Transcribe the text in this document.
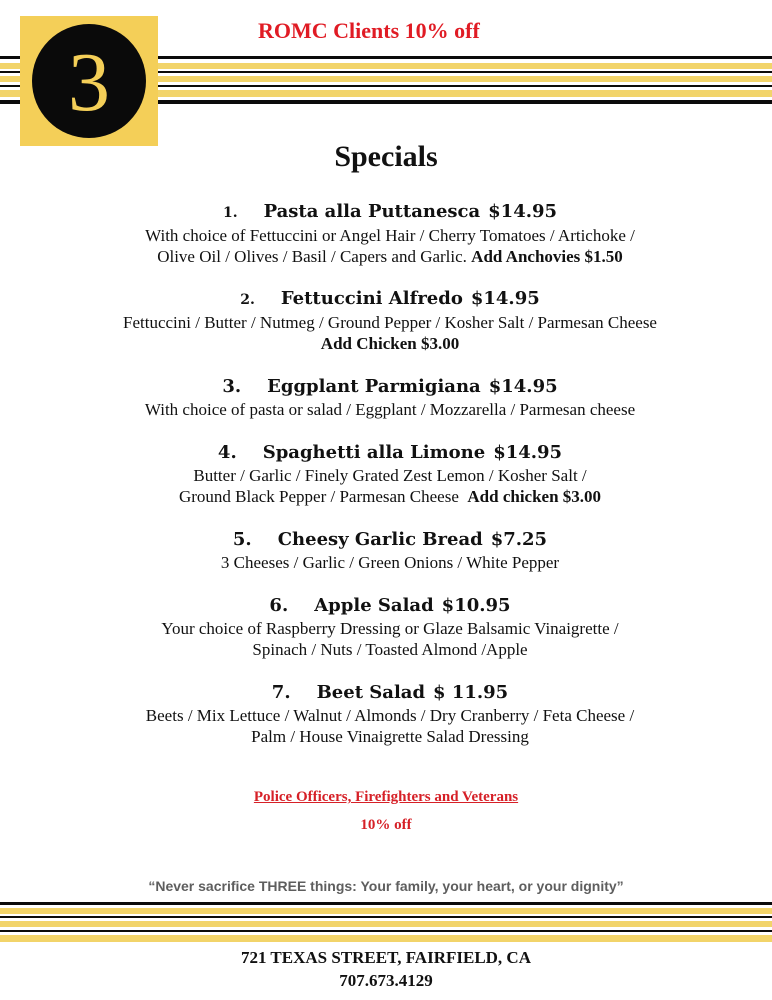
3
ROMC Clients 10% off
Specials
1. Pasta alla Puttanesca $14.95
With choice of Fettuccini or Angel Hair / Cherry Tomatoes / Artichoke /
Olive Oil / Olives / Basil / Capers and Garlic. Add Anchovies $1.50
2. Fettuccini Alfredo $14.95
Fettuccini / Butter / Nutmeg / Ground Pepper / Kosher Salt / Parmesan Cheese
Add Chicken $3.00
3. Eggplant Parmigiana $14.95
With choice of pasta or salad / Eggplant / Mozzarella / Parmesan cheese
4. Spaghetti alla Limone $14.95
Butter / Garlic / Finely Grated Zest Lemon / Kosher Salt /
Ground Black Pepper / Parmesan Cheese Add chicken $3.00
5. Cheesy Garlic Bread $7.25
3 Cheeses / Garlic / Green Onions / White Pepper
6. Apple Salad $10.95
Your choice of Raspberry Dressing or Glaze Balsamic Vinaigrette /
Spinach / Nuts / Toasted Almond /Apple
7. Beet Salad $ 11.95
Beets / Mix Lettuce / Walnut / Almonds / Dry Cranberry / Feta Cheese /
Palm / House Vinaigrette Salad Dressing
Police Officers, Firefighters and Veterans
10% off
“Never sacrifice THREE things: Your family, your heart, or your dignity”
721 TEXAS STREET, FAIRFIELD, CA
707.673.4129
